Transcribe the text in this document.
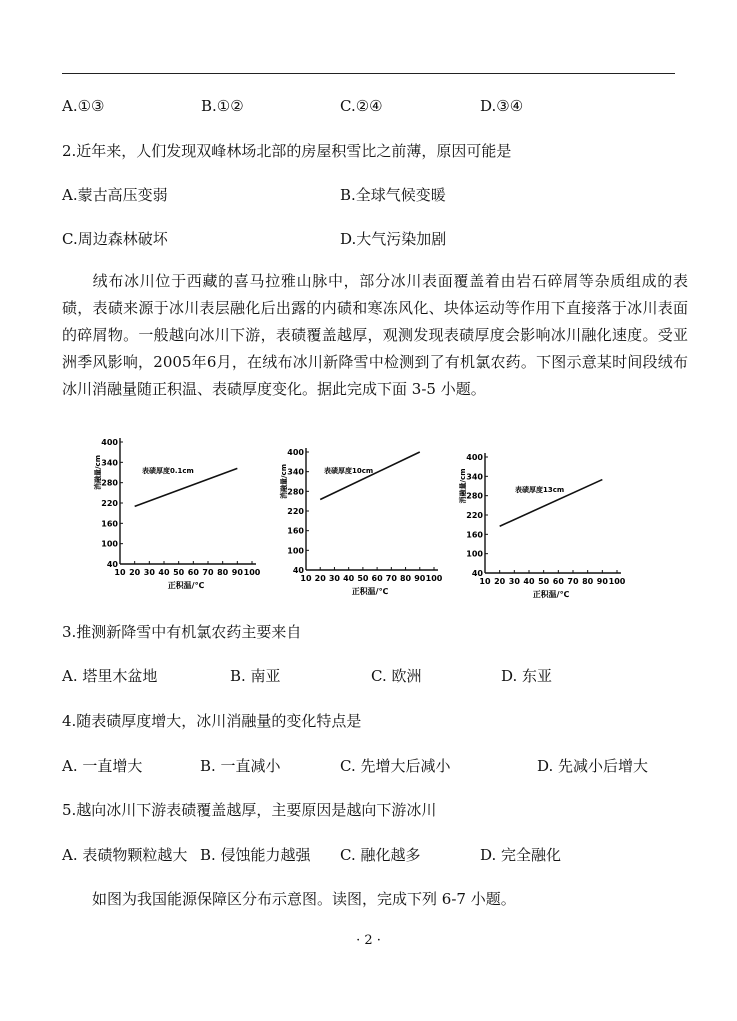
A.①③	B.①②	C.②④	D.③④
2.近年来，人们发现双峰林场北部的房屋积雪比之前薄，原因可能是
A.蒙古高压变弱	B.全球气候变暖
C.周边森林破坏	D.大气污染加剧
绒布冰川位于西藏的喜马拉雅山脉中，部分冰川表面覆盖着由岩石碎屑等杂质组成的表碛，表碛来源于冰川表层融化后出露的内碛和寒冻风化、块体运动等作用下直接落于冰川表面的碎屑物。一般越向冰川下游，表碛覆盖越厚，观测发现表碛厚度会影响冰川融化速度。受亚洲季风影响，2005年6月，在绒布冰川新降雪中检测到了有机氯农药。下图示意某时间段绒布冰川消融量随正积温、表碛厚度变化。据此完成下面 3-5 小题。
10 20 30 40 50 60 70 80 90 100
40
100
160
220
280
340
400
表碛厚度0.1cm
正积温/℃
消融量/cm
10 20 30 40 50 60 70 80 90 100
40
100
160
220
280
340
400
表碛厚度10cm
正积温/℃
消融量/cm
10 20 30 40 50 60 70 80 90 100
40
100
160
220
280
340
400
表碛厚度13cm
正积温/℃
消融量/cm
3.推测新降雪中有机氯农药主要来自
A. 塔里木盆地	B. 南亚	C. 欧洲	D. 东亚
4.随表碛厚度增大，冰川消融量的变化特点是
A. 一直增大	B. 一直减小	C. 先增大后减小	D. 先减小后增大
5.越向冰川下游表碛覆盖越厚，主要原因是越向下游冰川
A. 表碛物颗粒越大 B. 侵蚀能力越强 C. 融化越多	D. 完全融化
如图为我国能源保障区分布示意图。读图，完成下列 6-7 小题。
· 2 ·
